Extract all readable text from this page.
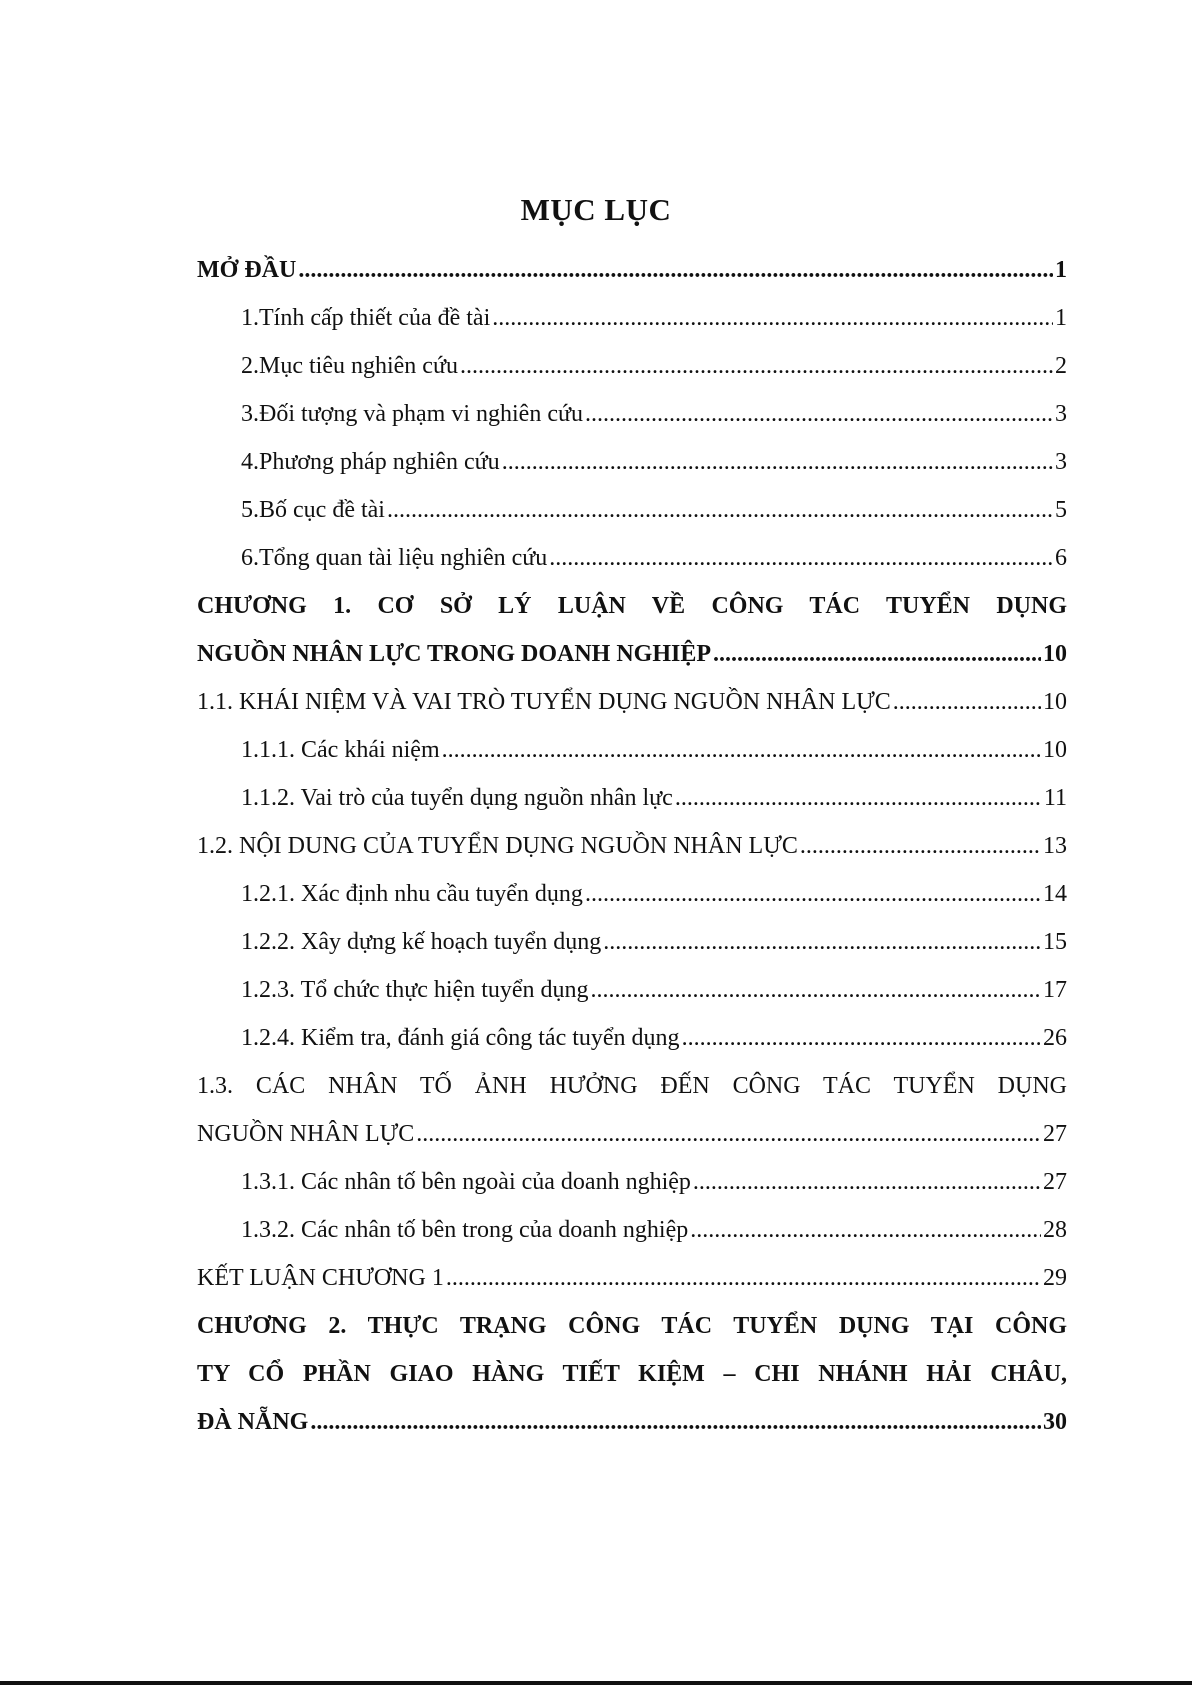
MỤC LỤC
MỞ ĐẦU .....	1
1.Tính cấp thiết của đề tài .....	1
2.Mục tiêu nghiên cứu .....	2
3.Đối tượng và phạm vi nghiên cứu .....	3
4.Phương pháp nghiên cứu .....	3
5.Bố cục đề tài .....	5
6.Tổng quan tài liệu nghiên cứu .....	6
CHƯƠNG 1. CƠ SỞ LÝ LUẬN VỀ CÔNG TÁC TUYỂN DỤNG
NGUỒN NHÂN LỰC TRONG DOANH NGHIỆP .....	10
1.1. KHÁI NIỆM VÀ VAI TRÒ TUYỂN DỤNG NGUỒN NHÂN LỰC .....	10
1.1.1. Các khái niệm .....	10
1.1.2. Vai trò của tuyển dụng nguồn nhân lực .....	11
1.2. NỘI DUNG CỦA TUYỂN DỤNG NGUỒN NHÂN LỰC .....	13
1.2.1. Xác định nhu cầu tuyển dụng .....	14
1.2.2. Xây dựng kế hoạch tuyển dụng .....	15
1.2.3. Tổ chức thực hiện tuyển dụng .....	17
1.2.4. Kiểm tra, đánh giá công tác tuyển dụng .....	26
1.3. CÁC NHÂN TỐ ẢNH HƯỞNG ĐẾN CÔNG TÁC TUYỂN DỤNG
NGUỒN NHÂN LỰC .....	27
1.3.1. Các nhân tố bên ngoài của doanh nghiệp .....	27
1.3.2. Các nhân tố bên trong của doanh nghiệp .....	28
KẾT LUẬN CHƯƠNG 1 .....	29
CHƯƠNG 2. THỰC TRẠNG CÔNG TÁC TUYỂN DỤNG TẠI CÔNG
TY CỔ PHẦN GIAO HÀNG TIẾT KIỆM – CHI NHÁNH HẢI CHÂU,
ĐÀ NẴNG .....	30
